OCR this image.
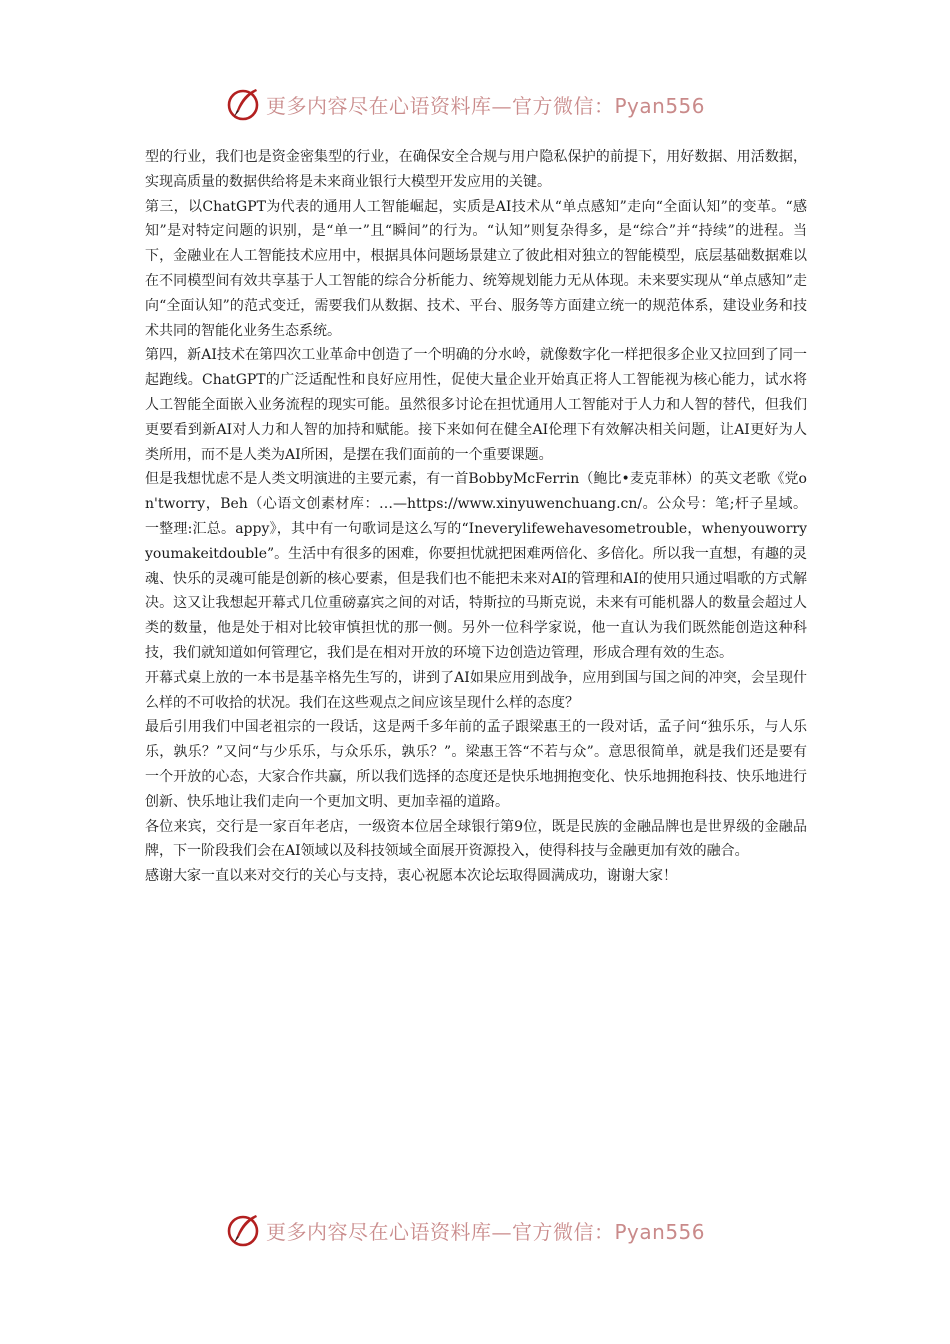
更多内容尽在心语资料库—官方微信：Pyan556

型的行业，我们也是资金密集型的行业，在确保安全合规与用户隐私保护的前提下，用好数据、用活数据，实现高质量的数据供给将是未来商业银行大模型开发应用的关键。

第三，以ChatGPT为代表的通用人工智能崛起，实质是AI技术从“单点感知”走向“全面认知”的变革。“感知”是对特定问题的识别，是“单一”且“瞬间”的行为。“认知”则复杂得多，是“综合”并“持续”的进程。当下，金融业在人工智能技术应用中，根据具体问题场景建立了彼此相对独立的智能模型，底层基础数据难以在不同模型间有效共享基于人工智能的综合分析能力、统筹规划能力无从体现。未来要实现从“单点感知”走向“全面认知”的范式变迁，需要我们从数据、技术、平台、服务等方面建立统一的规范体系，建设业务和技术共同的智能化业务生态系统。

第四，新AI技术在第四次工业革命中创造了一个明确的分水岭，就像数字化一样把很多企业又拉回到了同一起跑线。ChatGPT的广泛适配性和良好应用性，促使大量企业开始真正将人工智能视为核心能力，试水将人工智能全面嵌入业务流程的现实可能。虽然很多讨论在担忧通用人工智能对于人力和人智的替代，但我们更要看到新AI对人力和人智的加持和赋能。接下来如何在健全AI伦理下有效解决相关问题，让AI更好为人类所用，而不是人类为AI所困，是摆在我们面前的一个重要课题。

但是我想忧虑不是人类文明演进的主要元素，有一首BobbyMcFerrin（鲍比•麦克菲林）的英文老歌《党on'tworry，Beh（心语文创素材库：…—https://www.xinyuwenchuang.cn/。公众号：笔;杆子星域。一整理:汇总。appy》，其中有一句歌词是这么写的“Ineverylifewehavesometrouble，whenyouworryyoumakeitdouble”。生活中有很多的困难，你要担忧就把困难两倍化、多倍化。所以我一直想，有趣的灵魂、快乐的灵魂可能是创新的核心要素，但是我们也不能把未来对AI的管理和AI的使用只通过唱歌的方式解决。这又让我想起开幕式几位重磅嘉宾之间的对话，特斯拉的马斯克说，未来有可能机器人的数量会超过人类的数量，他是处于相对比较审慎担忧的那一侧。另外一位科学家说，他一直认为我们既然能创造这种科技，我们就知道如何管理它，我们是在相对开放的环境下边创造边管理，形成合理有效的生态。

开幕式桌上放的一本书是基辛格先生写的，讲到了AI如果应用到战争，应用到国与国之间的冲突，会呈现什么样的不可收拾的状况。我们在这些观点之间应该呈现什么样的态度？

最后引用我们中国老祖宗的一段话，这是两千多年前的孟子跟梁惠王的一段对话，孟子问“独乐乐，与人乐乐，孰乐？”又问“与少乐乐，与众乐乐，孰乐？”。梁惠王答“不若与众”。意思很简单，就是我们还是要有一个开放的心态，大家合作共赢，所以我们选择的态度还是快乐地拥抱变化、快乐地拥抱科技、快乐地进行创新、快乐地让我们走向一个更加文明、更加幸福的道路。

各位来宾，交行是一家百年老店，一级资本位居全球银行第9位，既是民族的金融品牌也是世界级的金融品牌，下一阶段我们会在AI领域以及科技领域全面展开资源投入，使得科技与金融更加有效的融合。

感谢大家一直以来对交行的关心与支持，衷心祝愿本次论坛取得圆满成功，谢谢大家！

更多内容尽在心语资料库—官方微信：Pyan556
